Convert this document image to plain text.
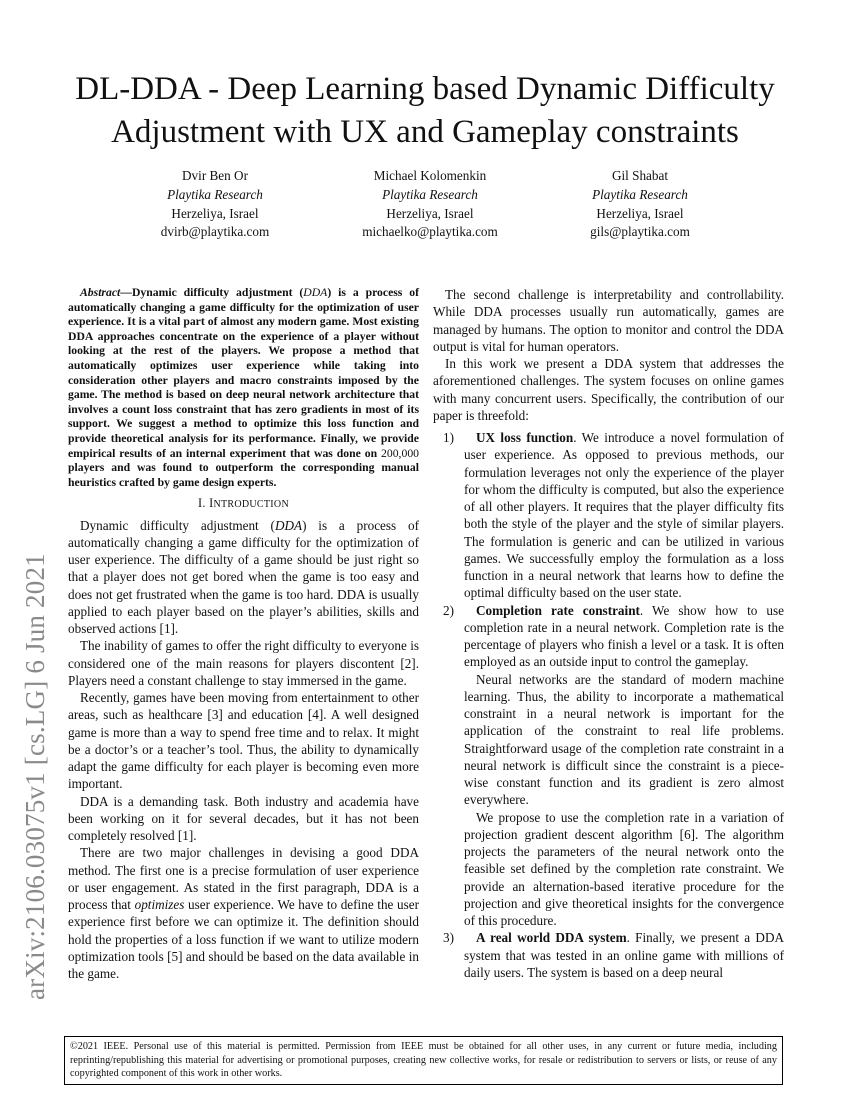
arXiv:2106.03075v1 [cs.LG] 6 Jun 2021
DL-DDA - Deep Learning based Dynamic Difficulty
Adjustment with UX and Gameplay constraints
Dvir Ben Or
Playtika Research
Herzeliya, Israel
dvirb@playtika.com
Michael Kolomenkin
Playtika Research
Herzeliya, Israel
michaelko@playtika.com
Gil Shabat
Playtika Research
Herzeliya, Israel
gils@playtika.com

Abstract—Dynamic difficulty adjustment (DDA) is a process of automatically changing a game difficulty for the optimization of user experience. It is a vital part of almost any modern game. Most existing DDA approaches concentrate on the experience of a player without looking at the rest of the players. We propose a method that automatically optimizes user experience while taking into consideration other players and macro constraints imposed by the game. The method is based on deep neural network architecture that involves a count loss constraint that has zero gradients in most of its support. We suggest a method to optimize this loss function and provide theoretical analysis for its performance. Finally, we provide empirical results of an internal experiment that was done on 200,000 players and was found to outperform the corresponding manual heuristics crafted by game design experts.

I. INTRODUCTION

Dynamic difficulty adjustment (DDA) is a process of automatically changing a game difficulty for the optimization of user experience. The difficulty of a game should be just right so that a player does not get bored when the game is too easy and does not get frustrated when the game is too hard. DDA is usually applied to each player based on the player’s abilities, skills and observed actions [1].

The inability of games to offer the right difficulty to everyone is considered one of the main reasons for players discontent [2]. Players need a constant challenge to stay immersed in the game.

Recently, games have been moving from entertainment to other areas, such as healthcare [3] and education [4]. A well designed game is more than a way to spend free time and to relax. It might be a doctor’s or a teacher’s tool. Thus, the ability to dynamically adapt the game difficulty for each player is becoming even more important.

DDA is a demanding task. Both industry and academia have been working on it for several decades, but it has not been completely resolved [1].

There are two major challenges in devising a good DDA method. The first one is a precise formulation of user experience or user engagement. As stated in the first paragraph, DDA is a process that optimizes user experience. We have to define the user experience first before we can optimize it. The definition should hold the properties of a loss function if we want to utilize modern optimization tools [5] and should be based on the data available in the game.

The second challenge is interpretability and controllability. While DDA processes usually run automatically, games are managed by humans. The option to monitor and control the DDA output is vital for human operators.

In this work we present a DDA system that addresses the aforementioned challenges. The system focuses on online games with many concurrent users. Specifically, the contribution of our paper is threefold:

1)	UX loss function. We introduce a novel formulation of user experience. As opposed to previous methods, our formulation leverages not only the experience of the player for whom the difficulty is computed, but also the experience of all other players. It requires that the player difficulty fits both the style of the player and the style of similar players. The formulation is generic and can be utilized in various games. We successfully employ the formulation as a loss function in a neural network that learns how to define the optimal difficulty based on the user state.

2)	Completion rate constraint. We show how to use completion rate in a neural network. Completion rate is the percentage of players who finish a level or a task. It is often employed as an outside input to control the gameplay.

Neural networks are the standard of modern machine learning. Thus, the ability to incorporate a mathematical constraint in a neural network is important for the application of the constraint to real life problems. Straightforward usage of the completion rate constraint in a neural network is difficult since the constraint is a piece-wise constant function and its gradient is zero almost everywhere.

We propose to use the completion rate in a variation of projection gradient descent algorithm [6]. The algorithm projects the parameters of the neural network onto the feasible set defined by the completion rate constraint. We provide an alternation-based iterative procedure for the projection and give theoretical insights for the convergence of this procedure.

3)	A real world DDA system. Finally, we present a DDA system that was tested in an online game with millions of daily users. The system is based on a deep neural

©2021 IEEE. Personal use of this material is permitted. Permission from IEEE must be obtained for all other uses, in any current or future media, including reprinting/republishing this material for advertising or promotional purposes, creating new collective works, for resale or redistribution to servers or lists, or reuse of any copyrighted component of this work in other works.
